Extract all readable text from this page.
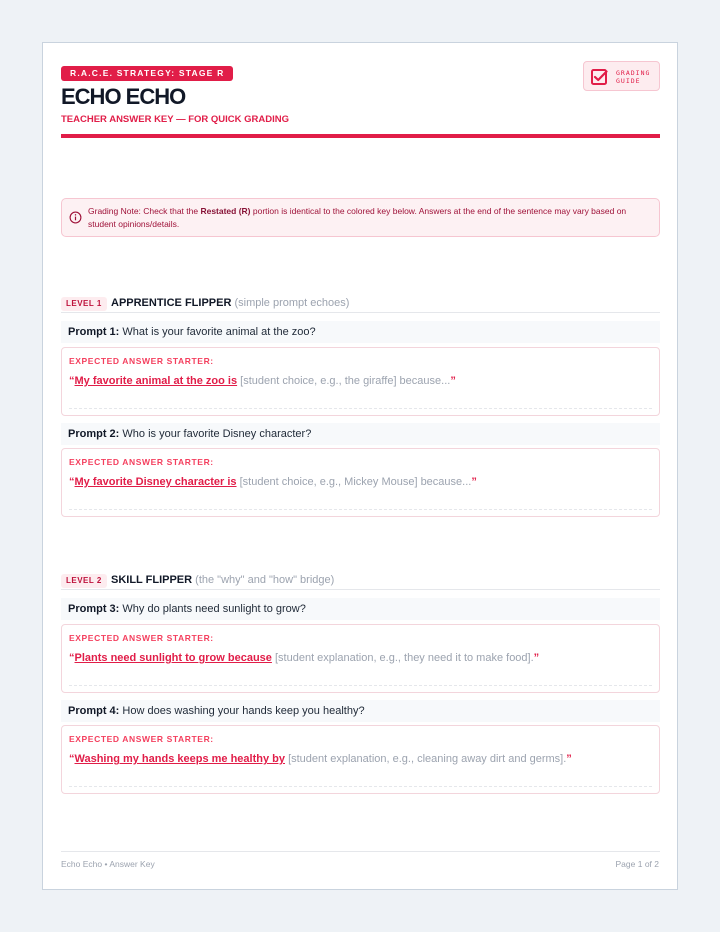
R.A.C.E. STRATEGY: STAGE R
ECHO ECHO
TEACHER ANSWER KEY — FOR QUICK GRADING
GRADING
GUIDE
Grading Note: Check that the Restated (R) portion is identical to the colored key below. Answers at the end of the sentence may vary based on student opinions/details.
LEVEL 1 APPRENTICE FLIPPER (simple prompt echoes)
Prompt 1: What is your favorite animal at the zoo?
EXPECTED ANSWER STARTER:
“My favorite animal at the zoo is [student choice, e.g., the giraffe] because...”
Prompt 2: Who is your favorite Disney character?
EXPECTED ANSWER STARTER:
“My favorite Disney character is [student choice, e.g., Mickey Mouse] because...”
LEVEL 2 SKILL FLIPPER (the "why" and "how" bridge)
Prompt 3: Why do plants need sunlight to grow?
EXPECTED ANSWER STARTER:
“Plants need sunlight to grow because [student explanation, e.g., they need it to make food].”
Prompt 4: How does washing your hands keep you healthy?
EXPECTED ANSWER STARTER:
“Washing my hands keeps me healthy by [student explanation, e.g., cleaning away dirt and germs].”
Echo Echo • Answer Key	Page 1 of 2
